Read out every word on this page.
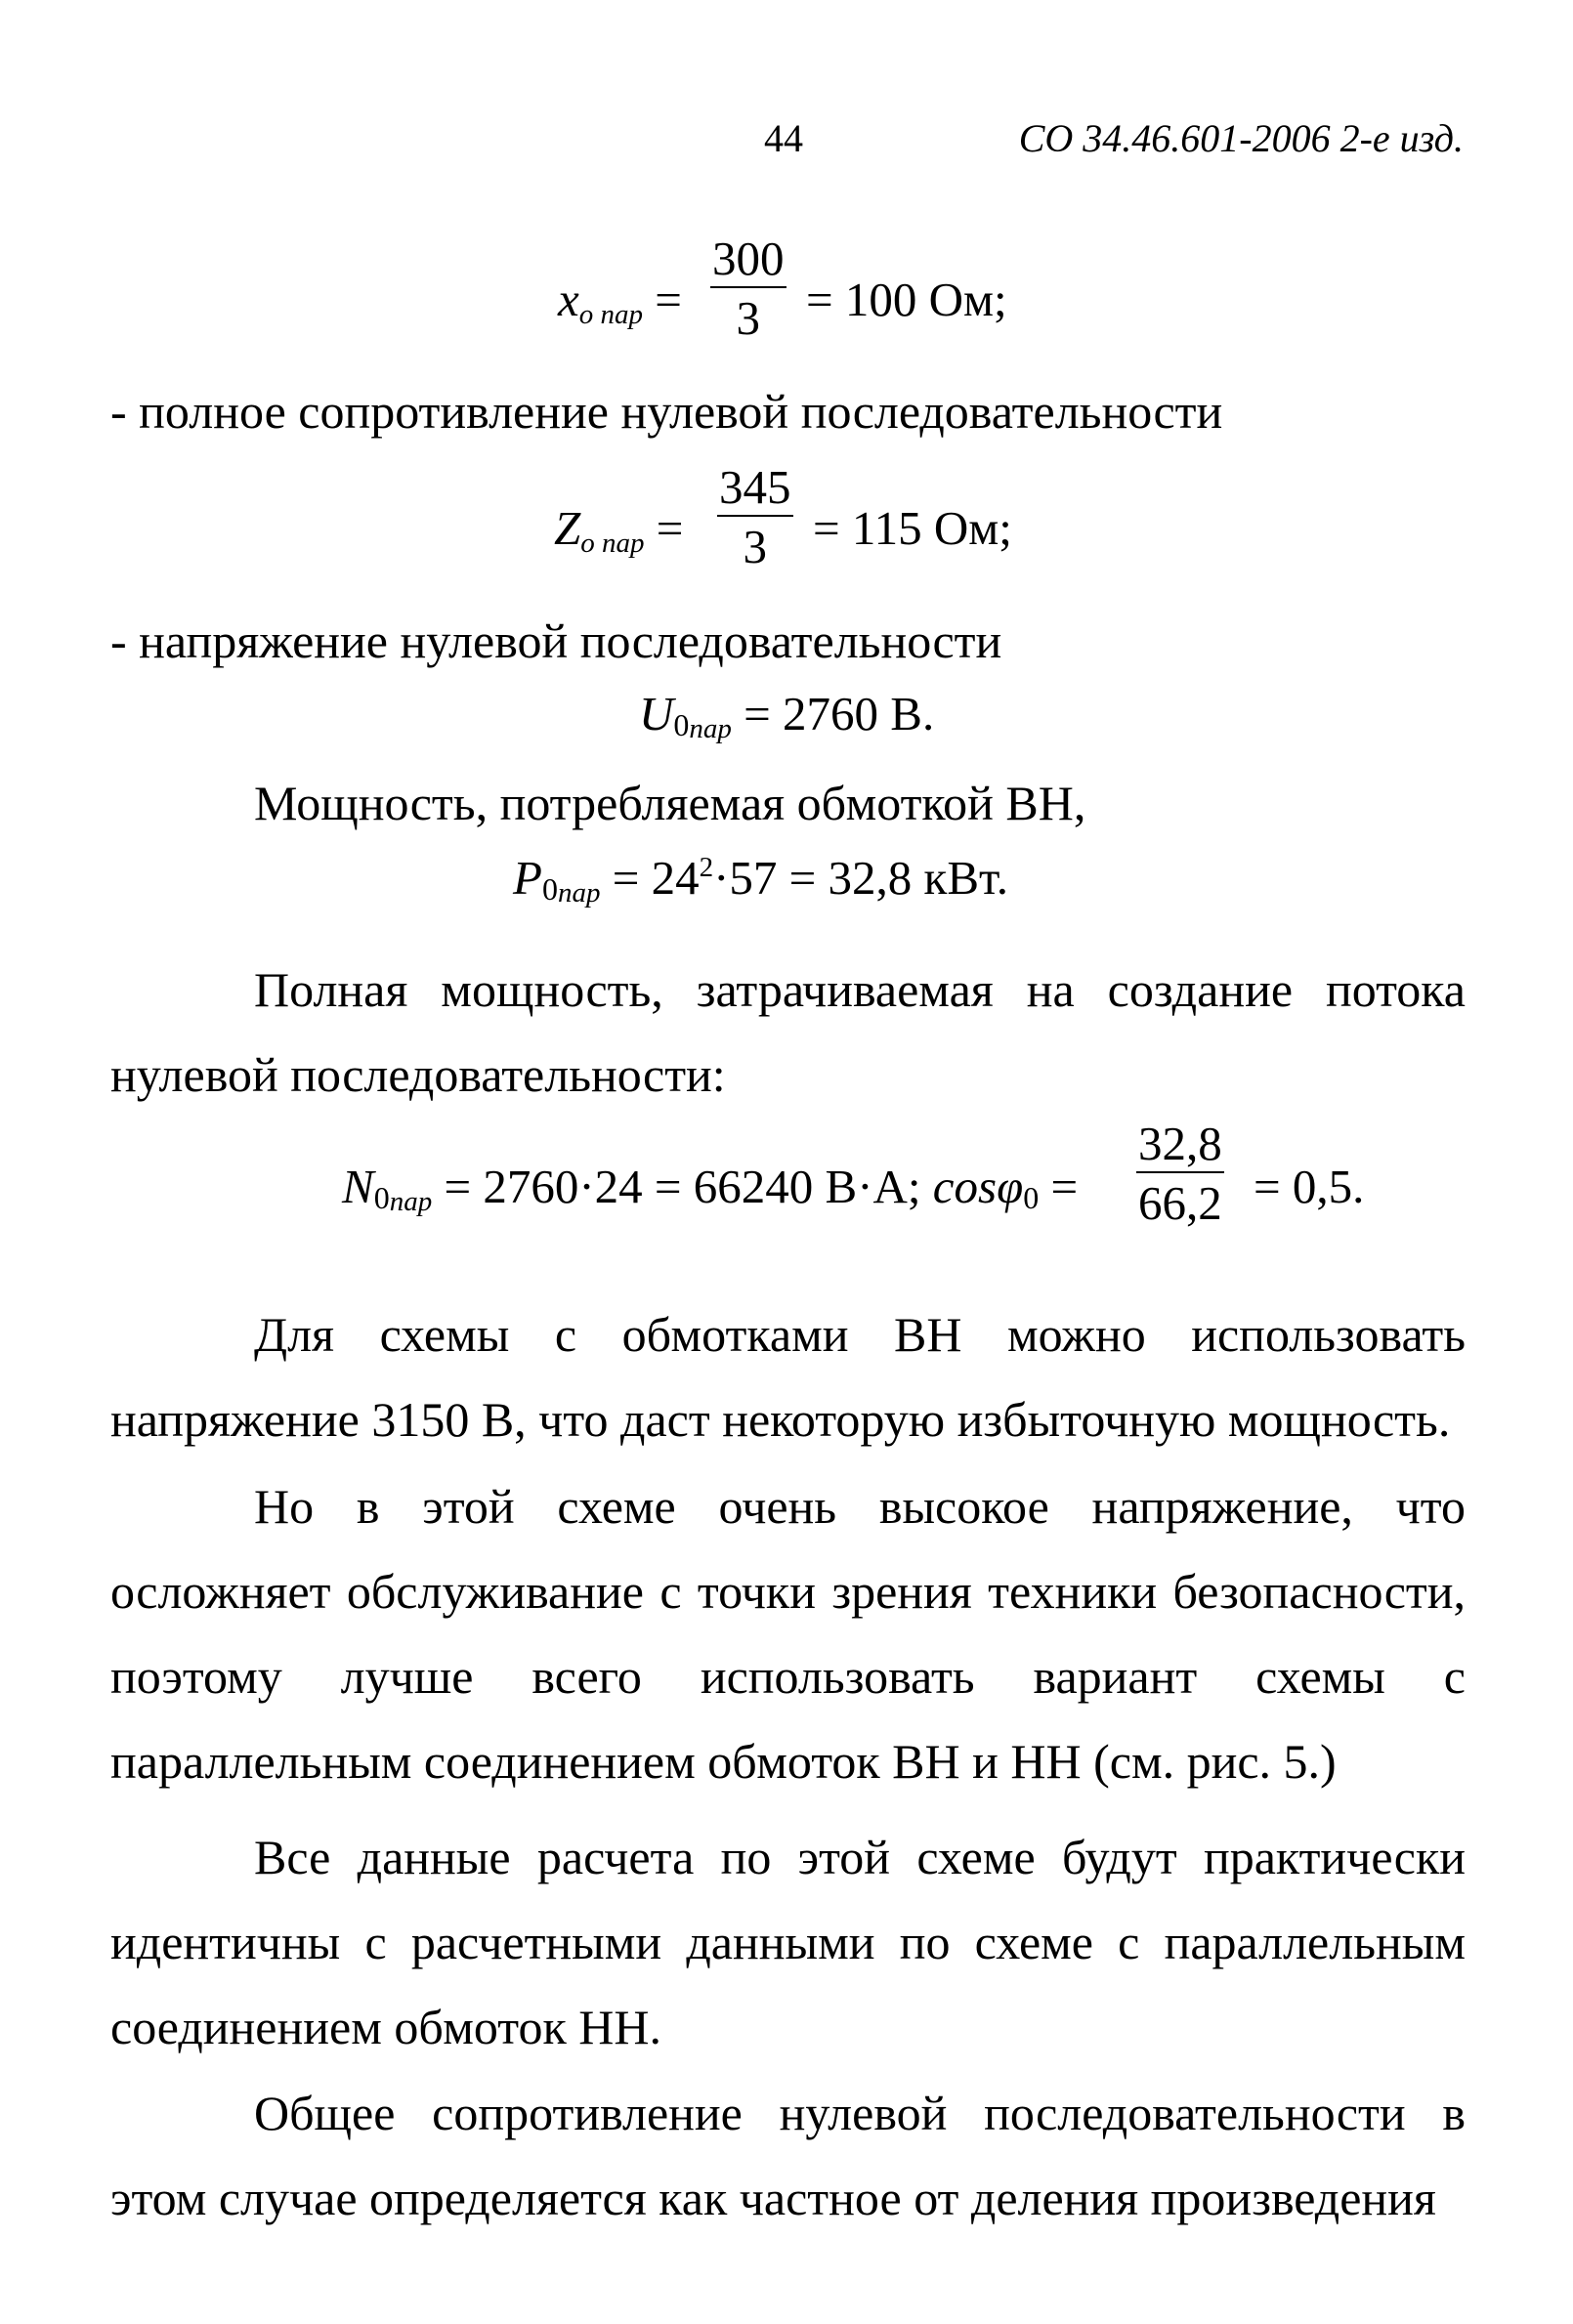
44	СО 34.46.601-2006 2-е изд.
$x_{o пар} = \frac{300}{3} = 100$ Ом;
- полное сопротивление нулевой последовательности
$Z_{o пар} = \frac{345}{3} = 115$ Ом;
- напряжение нулевой последовательности
$U0_{пар} = 2760$ В.
Мощность, потребляемая обмоткой ВН,
$P0_{пар} = 24^2\cdot 57 = 32,8$ кВт.
Полная мощность, затрачиваемая на создание потока нулевой последовательности:
$N0_{пар} = 2760\cdot 24 = 66240$ В·А; $\cos\varphi 0 = \frac{32,8}{66,2} = 0,5$.
Для схемы с обмотками ВН можно использовать напряжение 3150 В, что даст некоторую избыточную мощность.
Но в этой схеме очень высокое напряжение, что осложняет обслуживание с точки зрения техники безопасности, поэтому лучше всего использовать вариант схемы с параллельным соединением обмоток ВН и НН (см. рис. 5.)
Все данные расчета по этой схеме будут практически идентичны с расчетными данными по схеме с параллельным соединением обмоток НН.
Общее сопротивление нулевой последовательности в этом случае определяется как частное от деления произведения
